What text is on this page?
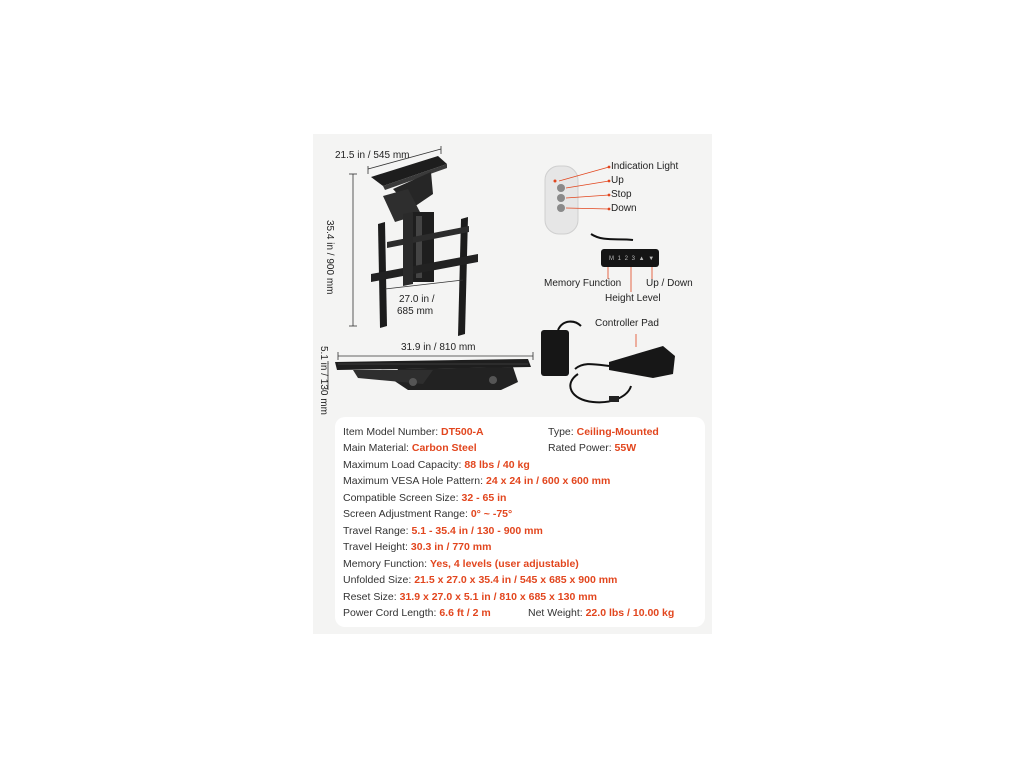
21.5 in / 545 mm
35.4 in / 900 mm
27.0 in /
685 mm
31.9 in / 810 mm
5.1 in / 130 mm
Indication Light
Up
Stop
Down
M 1 2 3 ▲ ▼
Memory Function Up / Down
Height Level
Controller Pad
Item Model Number: DT500-A	Type: Ceiling-Mounted
Main Material: Carbon Steel	Rated Power: 55W
Maximum Load Capacity: 88 lbs / 40 kg
Maximum VESA Hole Pattern: 24 x 24 in / 600 x 600 mm
Compatible Screen Size: 32 - 65 in
Screen Adjustment Range: 0° ~ -75°
Travel Range: 5.1 - 35.4 in / 130 - 900 mm
Travel Height: 30.3 in / 770 mm
Memory Function: Yes, 4 levels (user adjustable)
Unfolded Size: 21.5 x 27.0 x 35.4 in / 545 x 685 x 900 mm
Reset Size: 31.9 x 27.0 x 5.1 in / 810 x 685 x 130 mm
Power Cord Length: 6.6 ft / 2 m	Net Weight: 22.0 lbs / 10.00 kg
